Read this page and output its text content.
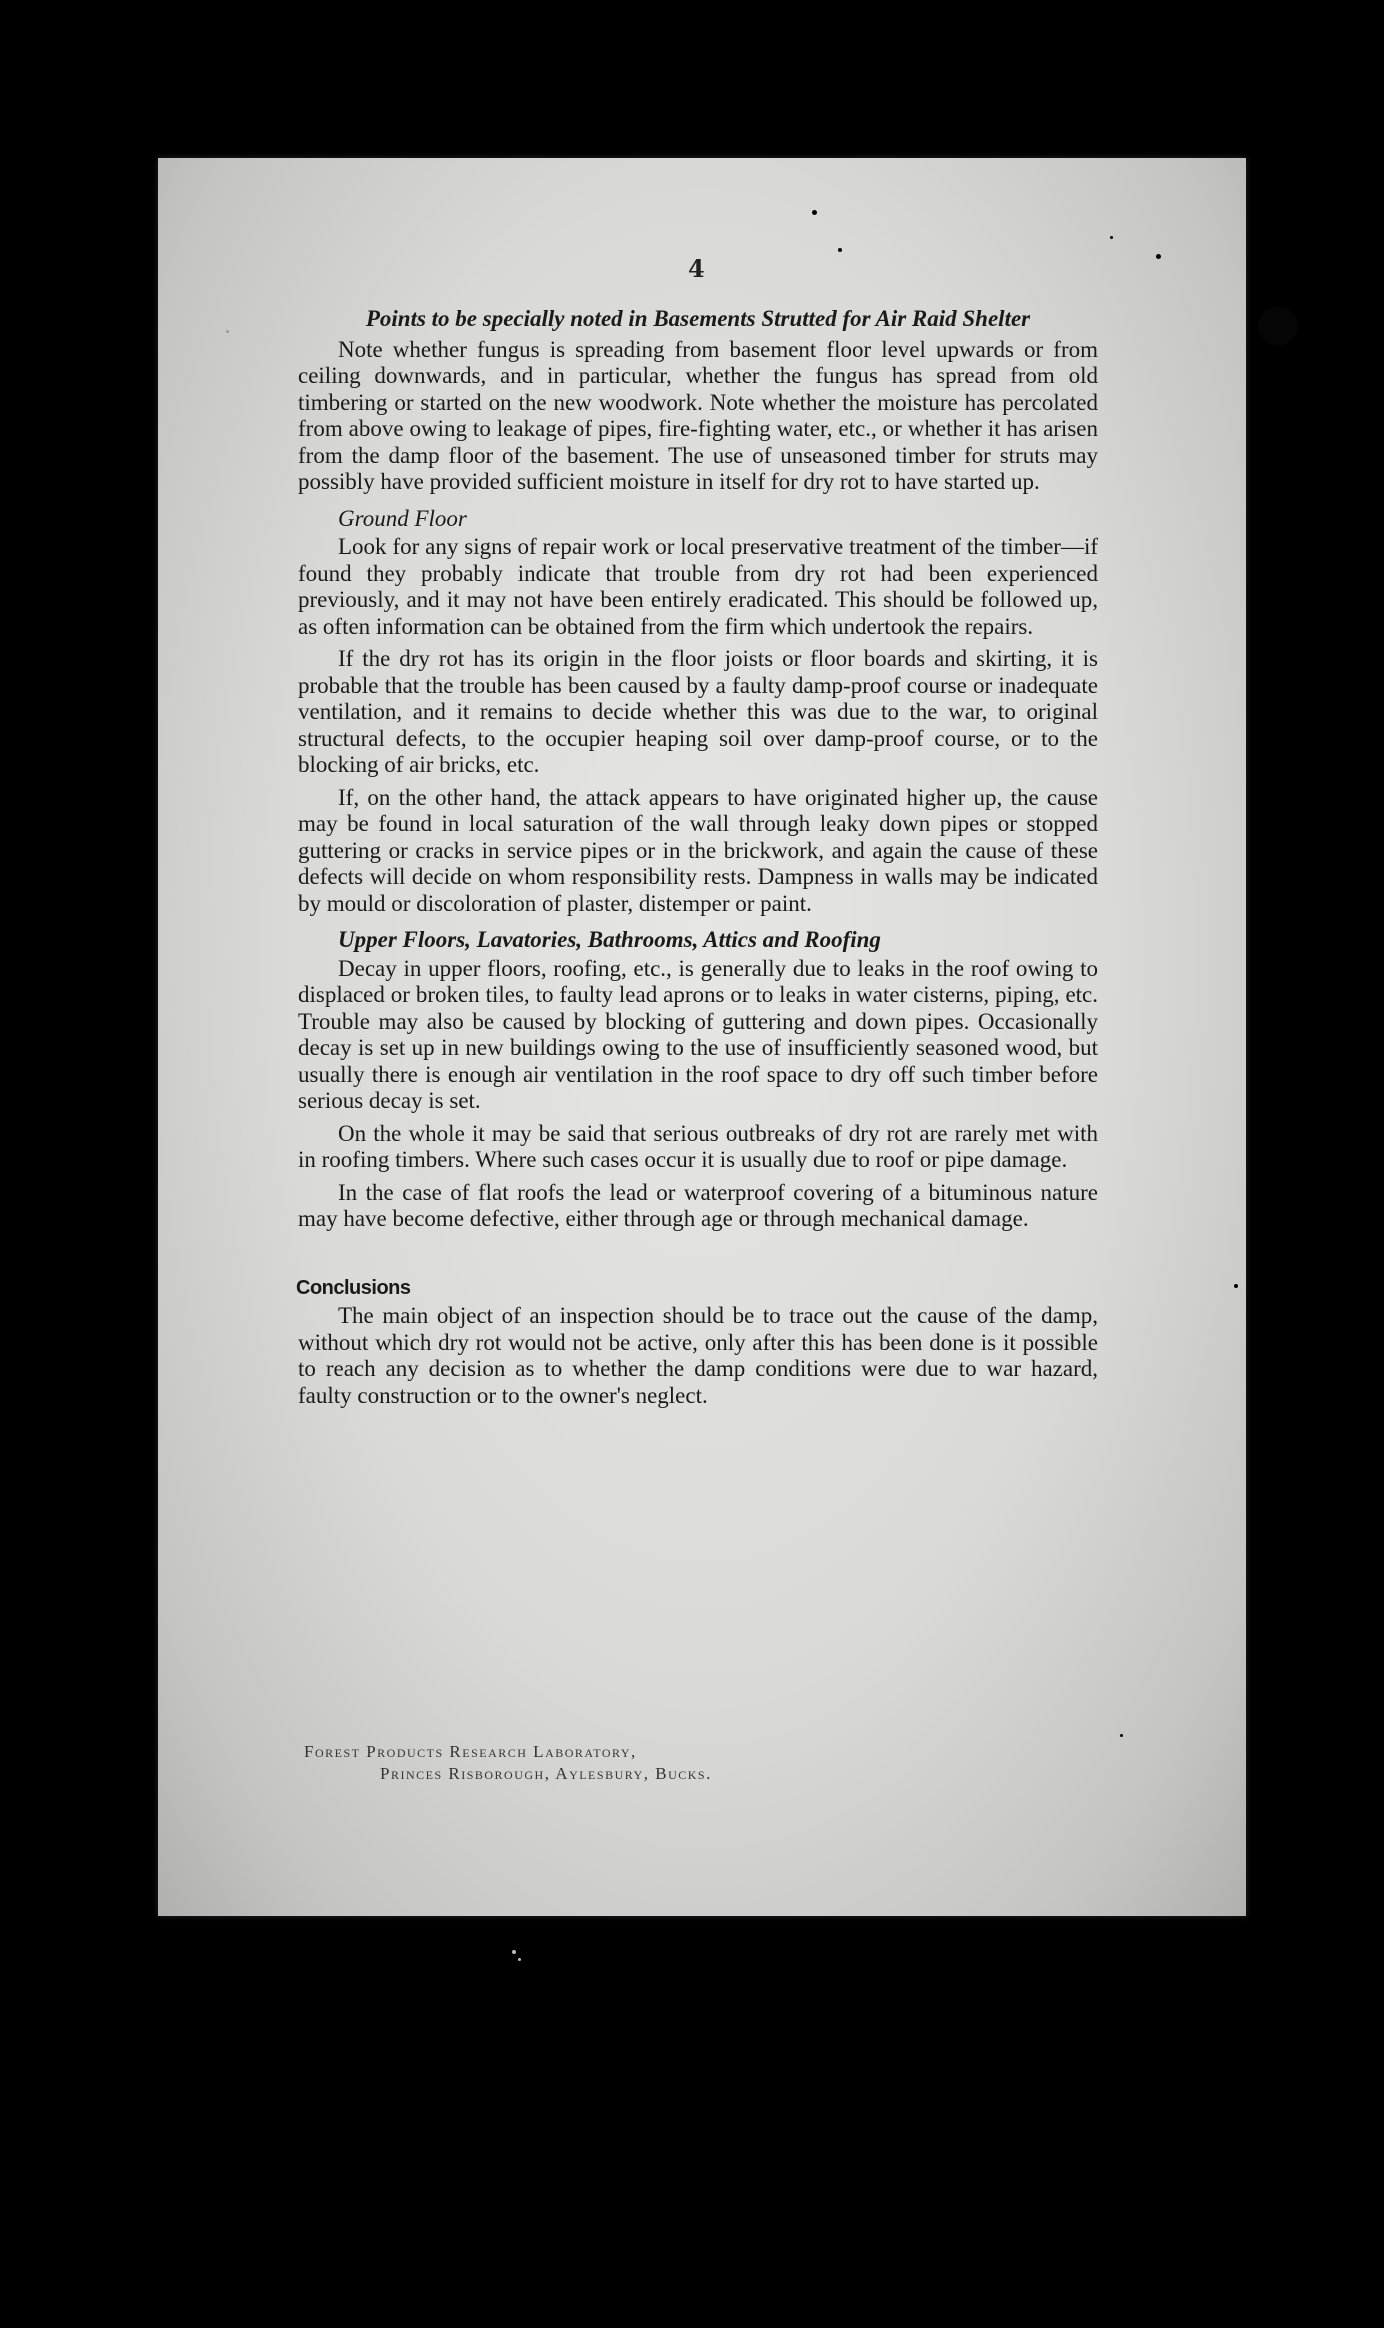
4
Points to be specially noted in Basements Strutted for Air Raid Shelter

Note whether fungus is spreading from basement floor level upwards or from ceiling downwards, and in particular, whether the fungus has spread from old timbering or started on the new woodwork. Note whether the moisture has percolated from above owing to leakage of pipes, fire-fighting water, etc., or whether it has arisen from the damp floor of the basement. The use of unseasoned timber for struts may possibly have provided sufficient moisture in itself for dry rot to have started up.

Ground Floor

Look for any signs of repair work or local preservative treatment of the timber—if found they probably indicate that trouble from dry rot had been experienced previously, and it may not have been entirely eradicated. This should be followed up, as often information can be obtained from the firm which undertook the repairs.

If the dry rot has its origin in the floor joists or floor boards and skirting, it is probable that the trouble has been caused by a faulty damp-proof course or inadequate ventilation, and it remains to decide whether this was due to the war, to original structural defects, to the occupier heaping soil over damp-proof course, or to the blocking of air bricks, etc.

If, on the other hand, the attack appears to have originated higher up, the cause may be found in local saturation of the wall through leaky down pipes or stopped guttering or cracks in service pipes or in the brickwork, and again the cause of these defects will decide on whom responsibility rests. Dampness in walls may be indicated by mould or discoloration of plaster, distemper or paint.

Upper Floors, Lavatories, Bathrooms, Attics and Roofing

Decay in upper floors, roofing, etc., is generally due to leaks in the roof owing to displaced or broken tiles, to faulty lead aprons or to leaks in water cisterns, piping, etc. Trouble may also be caused by blocking of guttering and down pipes. Occasionally decay is set up in new buildings owing to the use of insufficiently seasoned wood, but usually there is enough air ventilation in the roof space to dry off such timber before serious decay is set.

On the whole it may be said that serious outbreaks of dry rot are rarely met with in roofing timbers. Where such cases occur it is usually due to roof or pipe damage.

In the case of flat roofs the lead or waterproof covering of a bituminous nature may have become defective, either through age or through mechanical damage.

Conclusions

The main object of an inspection should be to trace out the cause of the damp, without which dry rot would not be active, only after this has been done is it possible to reach any decision as to whether the damp conditions were due to war hazard, faulty construction or to the owner's neglect.

Forest Products Research Laboratory,
Princes Risborough, Aylesbury, Bucks.
